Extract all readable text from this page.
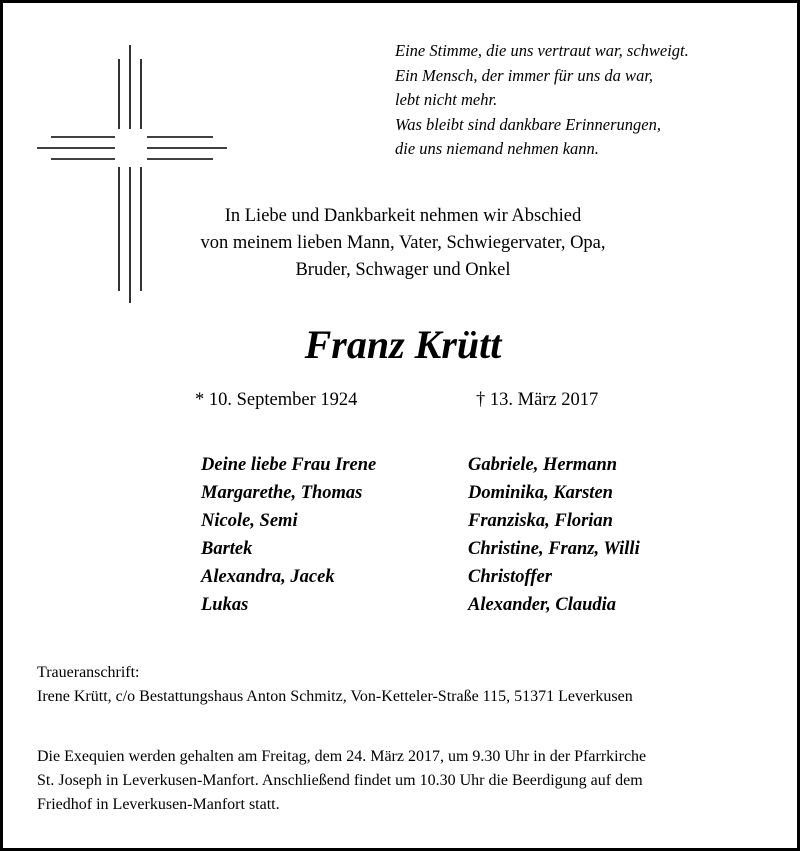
Eine Stimme, die uns vertraut war, schweigt.
Ein Mensch, der immer für uns da war,
lebt nicht mehr.
Was bleibt sind dankbare Erinnerungen,
die uns niemand nehmen kann.
In Liebe und Dankbarkeit nehmen wir Abschied
von meinem lieben Mann, Vater, Schwiegervater, Opa,
Bruder, Schwager und Onkel
Franz Krütt
* 10. September 1924	† 13. März 2017
Deine liebe Frau Irene
Margarethe, Thomas
Nicole, Semi
Bartek
Alexandra, Jacek
Lukas
Gabriele, Hermann
Dominika, Karsten
Franziska, Florian
Christine, Franz, Willi
Christoffer
Alexander, Claudia
Traueranschrift:
Irene Krütt, c/o Bestattungshaus Anton Schmitz, Von-Ketteler-Straße 115, 51371 Leverkusen
Die Exequien werden gehalten am Freitag, dem 24. März 2017, um 9.30 Uhr in der Pfarrkirche
St. Joseph in Leverkusen-Manfort. Anschließend findet um 10.30 Uhr die Beerdigung auf dem
Friedhof in Leverkusen-Manfort statt.
